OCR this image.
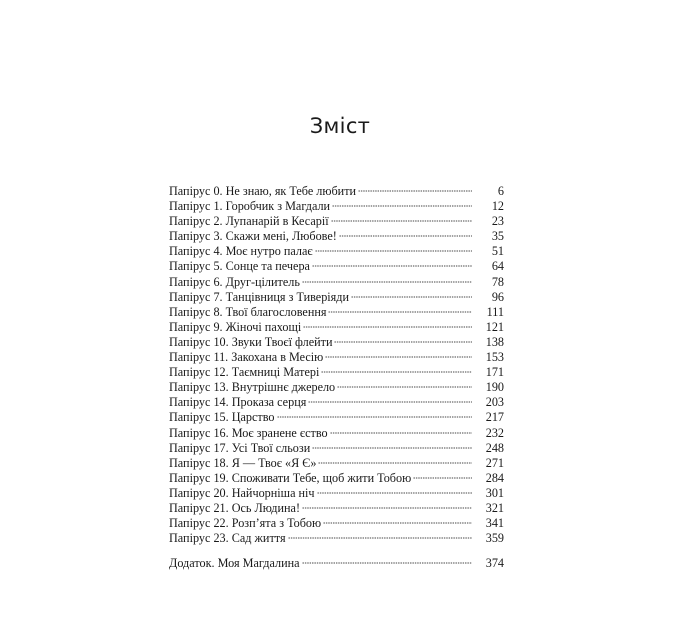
Зміст
Папірус 0. Не знаю, як Тебе любити	6
Папірус 1. Горобчик з Магдали	12
Папірус 2. Лупанарій в Кесарії	23
Папірус 3. Скажи мені, Любове!	35
Папірус 4. Моє нутро палає	51
Папірус 5. Сонце та печера	64
Папірус 6. Друг-цілитель	78
Папірус 7. Танцівниця з Тиверіяди	96
Папірус 8. Твої благословення	111
Папірус 9. Жіночі пахощі	121
Папірус 10. Звуки Твоєї флейти	138
Папірус 11. Закохана в Месію	153
Папірус 12. Таємниці Матері	171
Папірус 13. Внутрішнє джерело	190
Папірус 14. Проказа серця	203
Папірус 15. Царство	217
Папірус 16. Моє зранене єство	232
Папірус 17. Усі Твої сльози	248
Папірус 18. Я — Твоє «Я Є»	271
Папірус 19. Споживати Тебе, щоб жити Тобою	284
Папірус 20. Найчорніша ніч	301
Папірус 21. Ось Людина!	321
Папірус 22. Розп’ята з Тобою	341
Папірус 23. Сад життя	359
Додаток. Моя Магдалина	374
